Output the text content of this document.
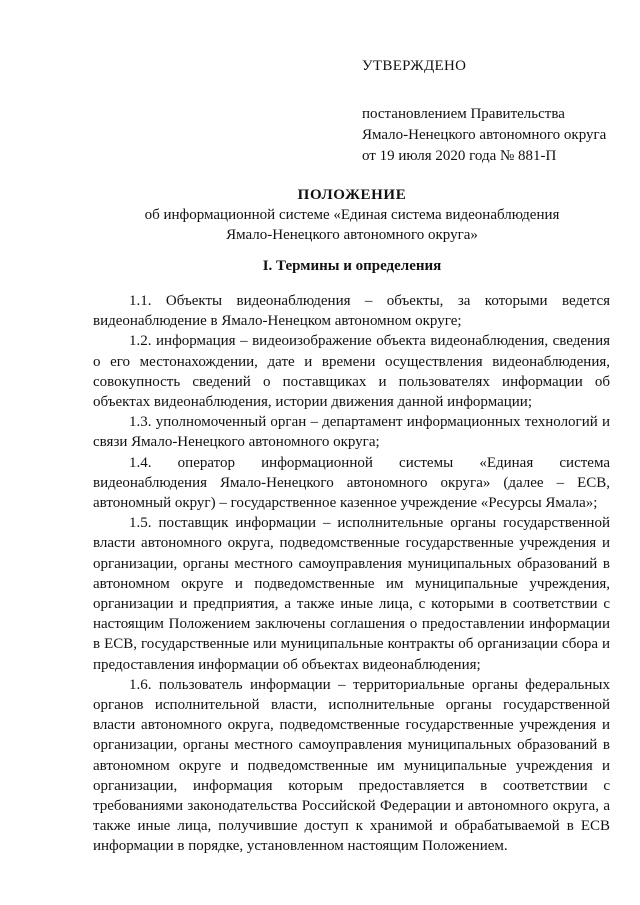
УТВЕРЖДЕНО
постановлением Правительства
Ямало-Ненецкого автономного округа
от 19 июля 2020 года № 881-П
ПОЛОЖЕНИЕ
об информационной системе «Единая система видеонаблюдения
Ямало-Ненецкого автономного округа»
I. Термины и определения

1.1. Объекты видеонаблюдения – объекты, за которыми ведется видеонаблюдение в Ямало-Ненецком автономном округе;

1.2. информация – видеоизображение объекта видеонаблюдения, сведения о его местонахождении, дате и времени осуществления видеонаблюдения, совокупность сведений о поставщиках и пользователях информации об объектах видеонаблюдения, истории движения данной информации;

1.3. уполномоченный орган – департамент информационных технологий и связи Ямало-Ненецкого автономного округа;

1.4. оператор информационной системы «Единая система видеонаблюдения Ямало-Ненецкого автономного округа» (далее – ЕСВ, автономный округ) – государственное казенное учреждение «Ресурсы Ямала»;

1.5. поставщик информации – исполнительные органы государственной власти автономного округа, подведомственные государственные учреждения и организации, органы местного самоуправления муниципальных образований в автономном округе и подведомственные им муниципальные учреждения, организации и предприятия, а также иные лица, с которыми в соответствии с настоящим Положением заключены соглашения о предоставлении информации в ЕСВ, государственные или муниципальные контракты об организации сбора и предоставления информации об объектах видеонаблюдения;

1.6. пользователь информации – территориальные органы федеральных органов исполнительной власти, исполнительные органы государственной власти автономного округа, подведомственные государственные учреждения и организации, органы местного самоуправления муниципальных образований в автономном округе и подведомственные им муниципальные учреждения и организации, информация которым предоставляется в соответствии с требованиями законодательства Российской Федерации и автономного округа, а также иные лица, получившие доступ к хранимой и обрабатываемой в ЕСВ информации в порядке, установленном настоящим Положением.
